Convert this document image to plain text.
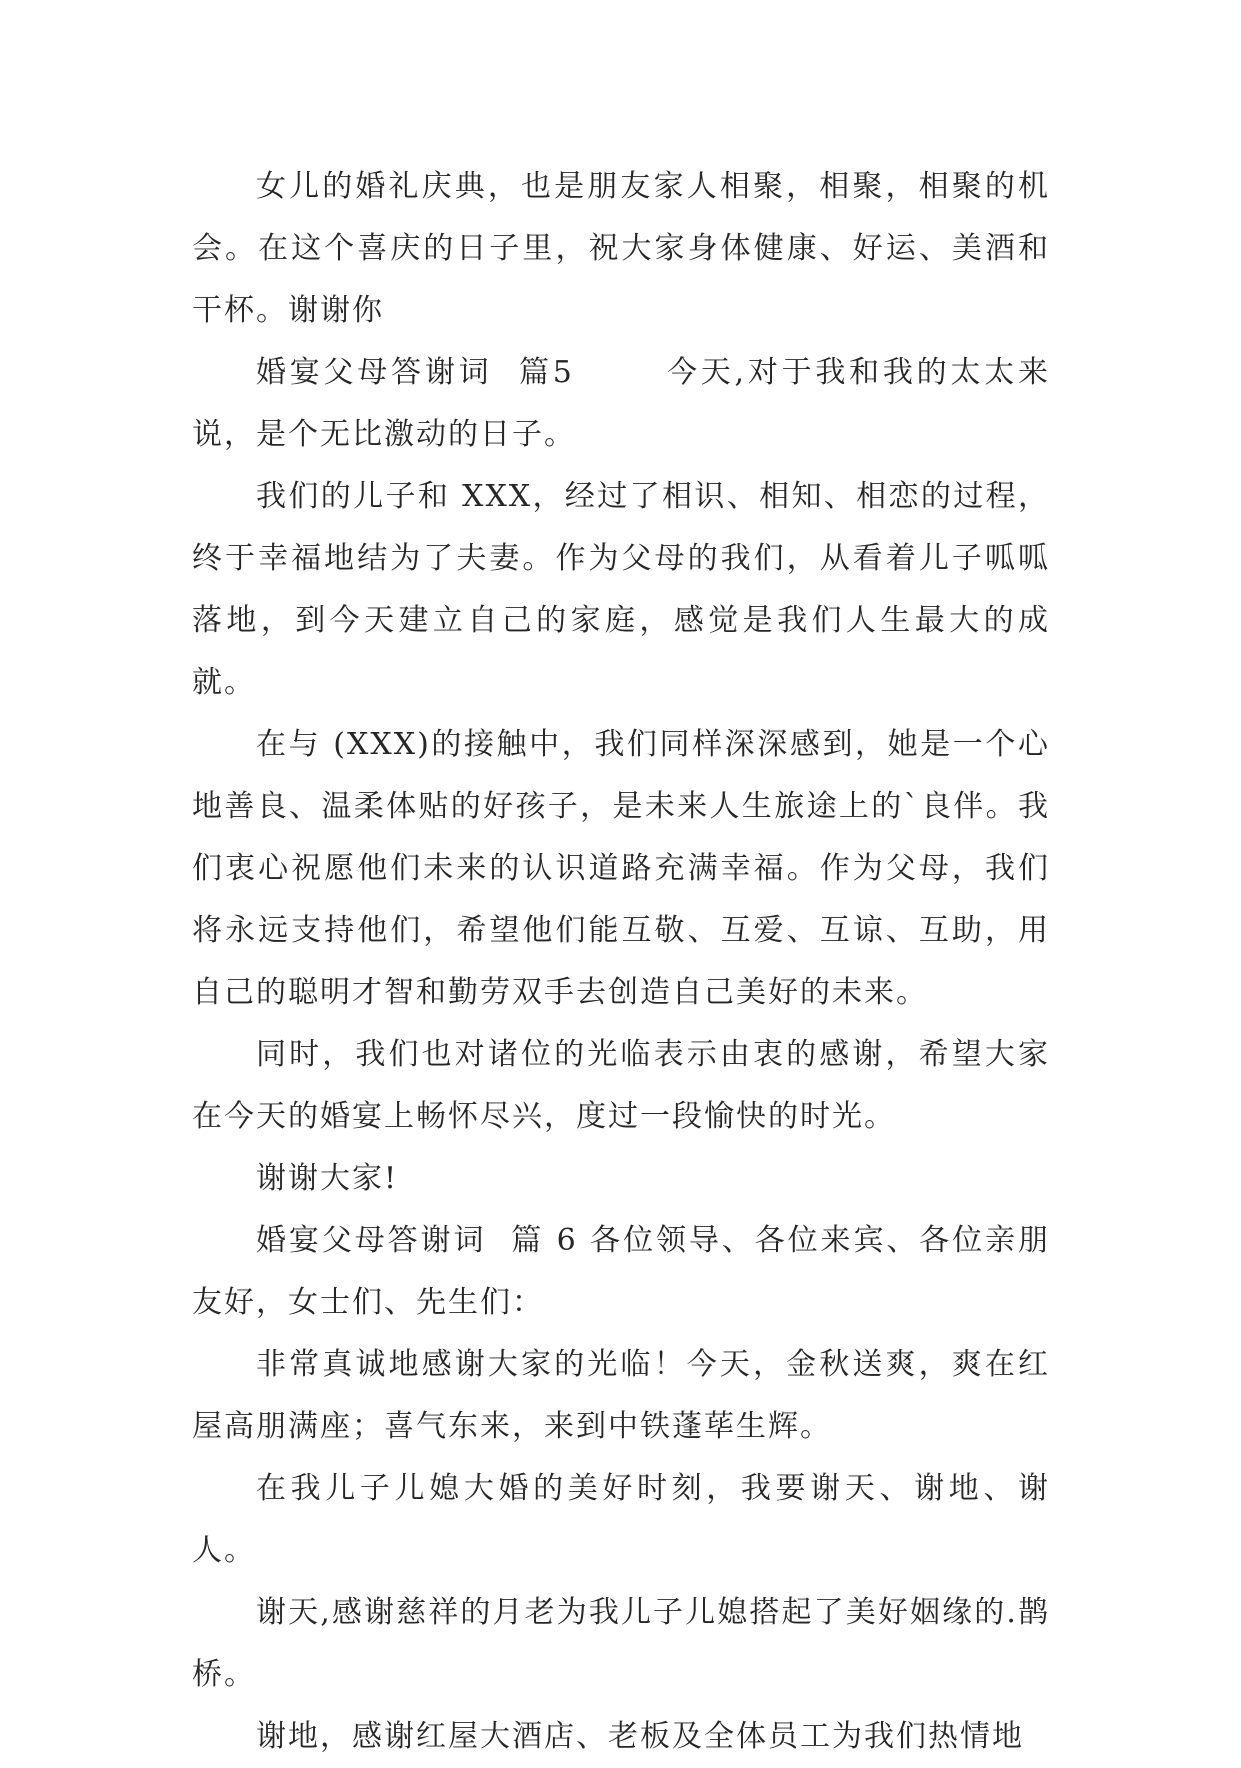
女儿的婚礼庆典，也是朋友家人相聚，相聚，相聚的机会。在这个喜庆的日子里，祝大家身体健康、好运、美酒和干杯。谢谢你

婚宴父母答谢词  篇5       今天,对于我和我的太太来说，是个无比激动的日子。

我们的儿子和 XXX，经过了相识、相知、相恋的过程，终于幸福地结为了夫妻。作为父母的我们，从看着儿子呱呱落地，到今天建立自己的家庭，感觉是我们人生最大的成就。

在与 (XXX)的接触中，我们同样深深感到，她是一个心地善良、温柔体贴的好孩子，是未来人生旅途上的`良伴。我们衷心祝愿他们未来的认识道路充满幸福。作为父母，我们将永远支持他们，希望他们能互敬、互爱、互谅、互助，用自己的聪明才智和勤劳双手去创造自己美好的未来。

同时，我们也对诸位的光临表示由衷的感谢，希望大家在今天的婚宴上畅怀尽兴，度过一段愉快的时光。

谢谢大家!

婚宴父母答谢词  篇 6 各位领导、各位来宾、各位亲朋友好，女士们、先生们：

非常真诚地感谢大家的光临！今天，金秋送爽，爽在红屋高朋满座；喜气东来，来到中铁蓬荜生辉。

在我儿子儿媳大婚的美好时刻，我要谢天、谢地、谢人。

谢天,感谢慈祥的月老为我儿子儿媳搭起了美好姻缘的.鹊桥。

谢地，感谢红屋大酒店、老板及全体员工为我们热情地
